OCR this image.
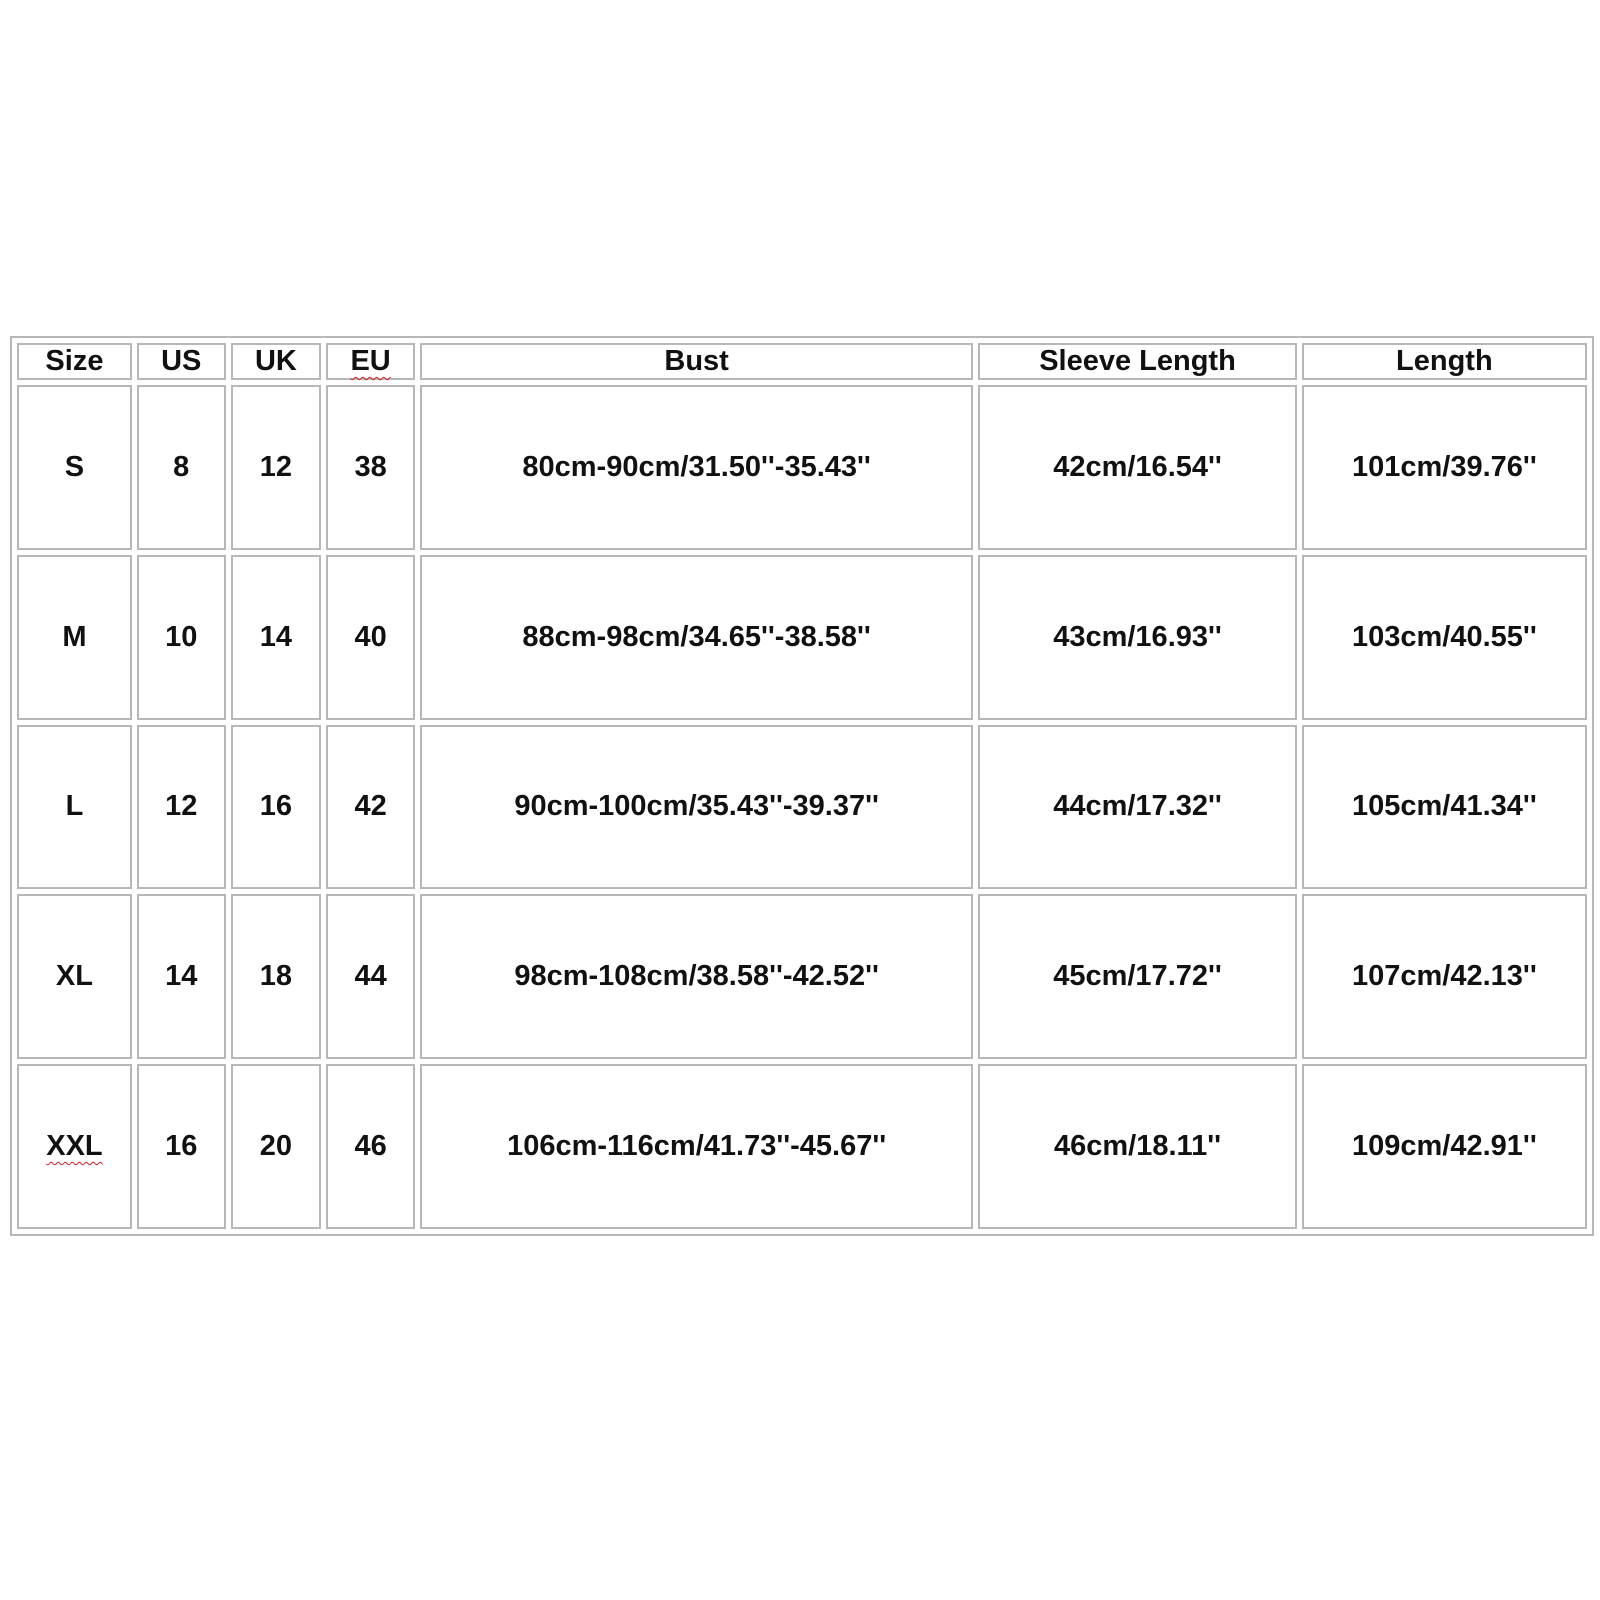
Size	US	UK	EU	Bust	Sleeve Length	Length
S	8	12	38	80cm-90cm/31.50''-35.43''	42cm/16.54''	101cm/39.76''
M	10	14	40	88cm-98cm/34.65''-38.58''	43cm/16.93''	103cm/40.55''
L	12	16	42	90cm-100cm/35.43''-39.37''	44cm/17.32''	105cm/41.34''
XL	14	18	44	98cm-108cm/38.58''-42.52''	45cm/17.72''	107cm/42.13''
XXL	16	20	46	106cm-116cm/41.73''-45.67''	46cm/18.11''	109cm/42.91''
